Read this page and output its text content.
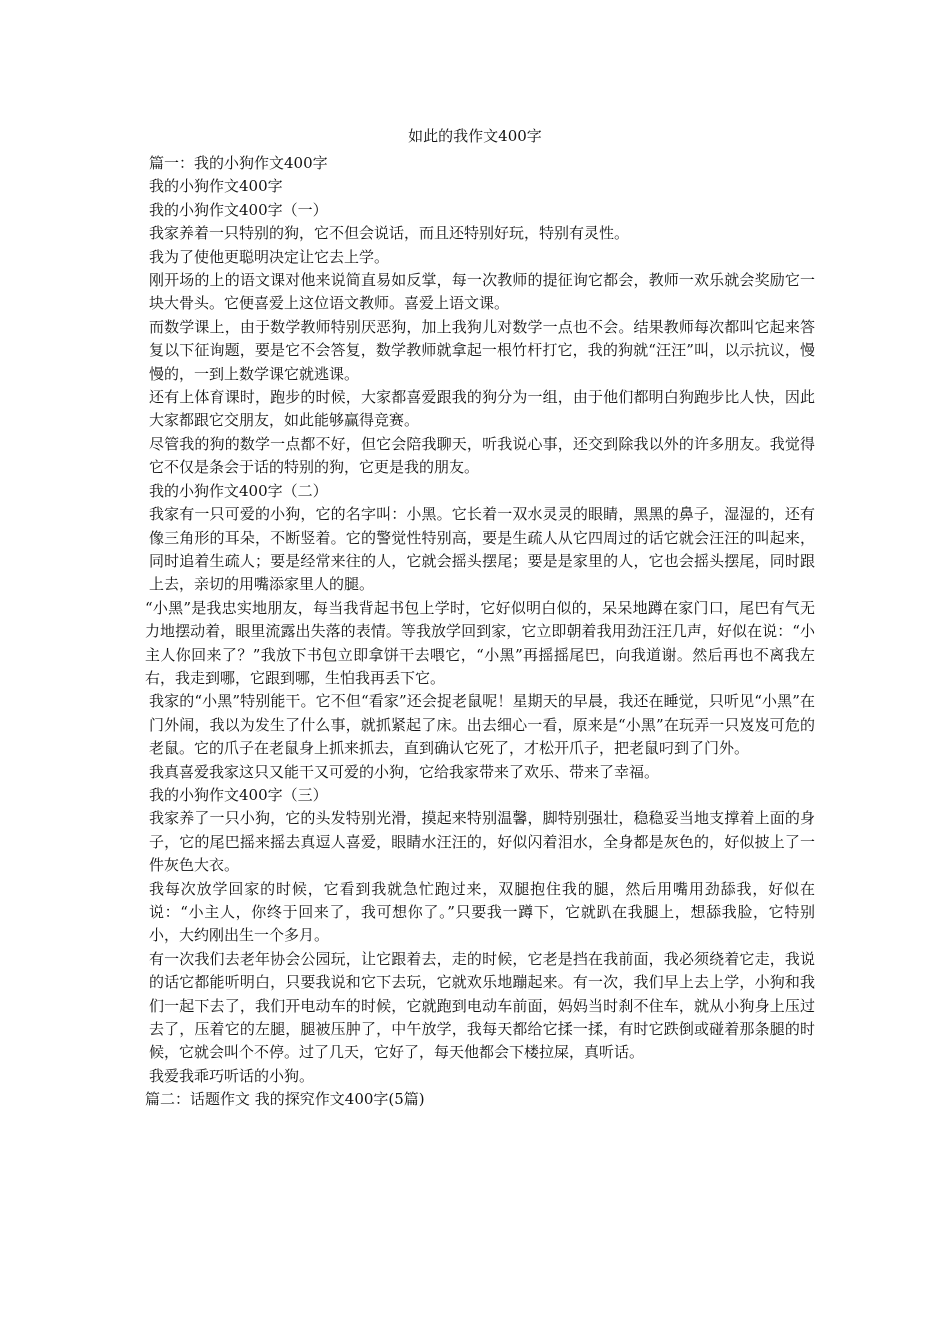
如此的我作文400字

篇一：我的小狗作文400字

我的小狗作文400字

我的小狗作文400字（一）

我家养着一只特别的狗，它不但会说话，而且还特别好玩，特别有灵性。

我为了使他更聪明决定让它去上学。

刚开场的上的语文课对他来说简直易如反掌，每一次教师的提征询它都会，教师一欢乐就会奖励它一块大骨头。它便喜爱上这位语文教师。喜爱上语文课。

而数学课上，由于数学教师特别厌恶狗，加上我狗儿对数学一点也不会。结果教师每次都叫它起来答复以下征询题，要是它不会答复，数学教师就拿起一根竹杆打它，我的狗就“汪汪”叫，以示抗议，慢慢的，一到上数学课它就逃课。

还有上体育课时，跑步的时候，大家都喜爱跟我的狗分为一组，由于他们都明白狗跑步比人快，因此大家都跟它交朋友，如此能够赢得竞赛。

尽管我的狗的数学一点都不好，但它会陪我聊天，听我说心事，还交到除我以外的许多朋友。我觉得它不仅是条会于话的特别的狗，它更是我的朋友。

我的小狗作文400字（二）

我家有一只可爱的小狗，它的名字叫：小黑。它长着一双水灵灵的眼睛，黑黑的鼻子，湿湿的，还有像三角形的耳朵，不断竖着。它的警觉性特别高，要是生疏人从它四周过的话它就会汪汪的叫起来，同时追着生疏人；要是经常来往的人，它就会摇头摆尾；要是是家里的人，它也会摇头摆尾，同时跟上去，亲切的用嘴添家里人的腿。

“小黑”是我忠实地朋友，每当我背起书包上学时，它好似明白似的，呆呆地蹲在家门口，尾巴有气无力地摆动着，眼里流露出失落的表情。等我放学回到家，它立即朝着我用劲汪汪几声，好似在说：“小主人你回来了？”我放下书包立即拿饼干去喂它，“小黑”再摇摇尾巴，向我道谢。然后再也不离我左右，我走到哪，它跟到哪，生怕我再丢下它。

我家的“小黑”特别能干。它不但“看家”还会捉老鼠呢！星期天的早晨，我还在睡觉，只听见“小黑”在门外闹，我以为发生了什么事，就抓紧起了床。出去细心一看，原来是“小黑”在玩弄一只岌岌可危的老鼠。它的爪子在老鼠身上抓来抓去，直到确认它死了，才松开爪子，把老鼠叼到了门外。

我真喜爱我家这只又能干又可爱的小狗，它给我家带来了欢乐、带来了幸福。

我的小狗作文400字（三）

我家养了一只小狗，它的头发特别光滑，摸起来特别温馨，脚特别强壮，稳稳妥当地支撑着上面的身子，它的尾巴摇来摇去真逗人喜爱，眼睛水汪汪的，好似闪着泪水，全身都是灰色的，好似披上了一件灰色大衣。

我每次放学回家的时候，它看到我就急忙跑过来，双腿抱住我的腿，然后用嘴用劲舔我，好似在说：“小主人，你终于回来了，我可想你了。”只要我一蹲下，它就趴在我腿上，想舔我脸，它特别小，大约刚出生一个多月。

有一次我们去老年协会公园玩，让它跟着去，走的时候，它老是挡在我前面，我必须绕着它走，我说的话它都能听明白，只要我说和它下去玩，它就欢乐地蹦起来。有一次，我们早上去上学，小狗和我们一起下去了，我们开电动车的时候，它就跑到电动车前面，妈妈当时刹不住车，就从小狗身上压过去了，压着它的左腿，腿被压肿了，中午放学，我每天都给它揉一揉，有时它跌倒或碰着那条腿的时候，它就会叫个不停。过了几天，它好了，每天他都会下楼拉屎，真听话。

我爱我乖巧听话的小狗。

篇二：话题作文 我的探究作文400字(5篇)
